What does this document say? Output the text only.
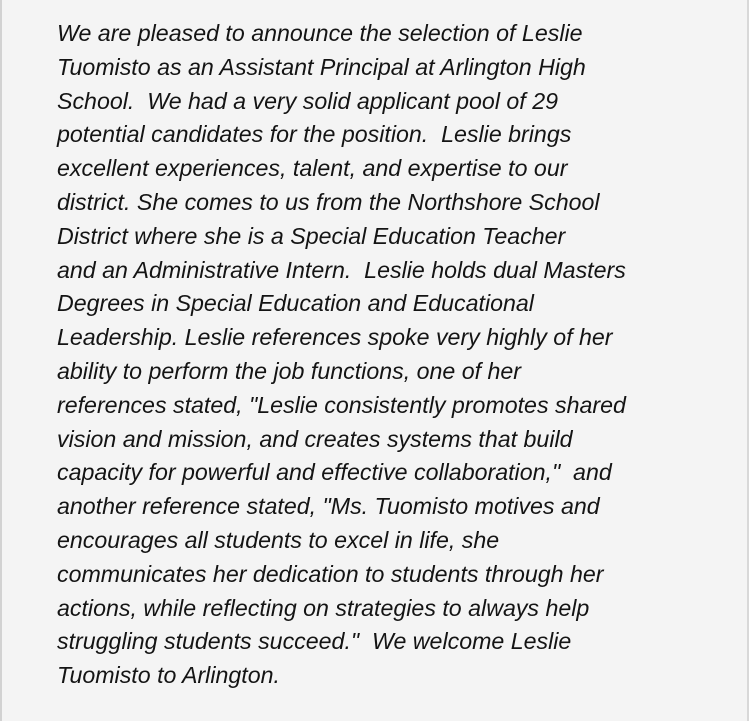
We are pleased to announce the selection of Leslie
Tuomisto as an Assistant Principal at Arlington High
School.  We had a very solid applicant pool of 29
potential candidates for the position.  Leslie brings
excellent experiences, talent, and expertise to our
district. She comes to us from the Northshore School
District where she is a Special Education Teacher
and an Administrative Intern.  Leslie holds dual Masters
Degrees in Special Education and Educational
Leadership. Leslie references spoke very highly of her
ability to perform the job functions, one of her
references stated, "Leslie consistently promotes shared
vision and mission, and creates systems that build
capacity for powerful and effective collaboration,"  and
another reference stated, "Ms. Tuomisto motives and
encourages all students to excel in life, she
communicates her dedication to students through her
actions, while reflecting on strategies to always help
struggling students succeed."  We welcome Leslie
Tuomisto to Arlington.
